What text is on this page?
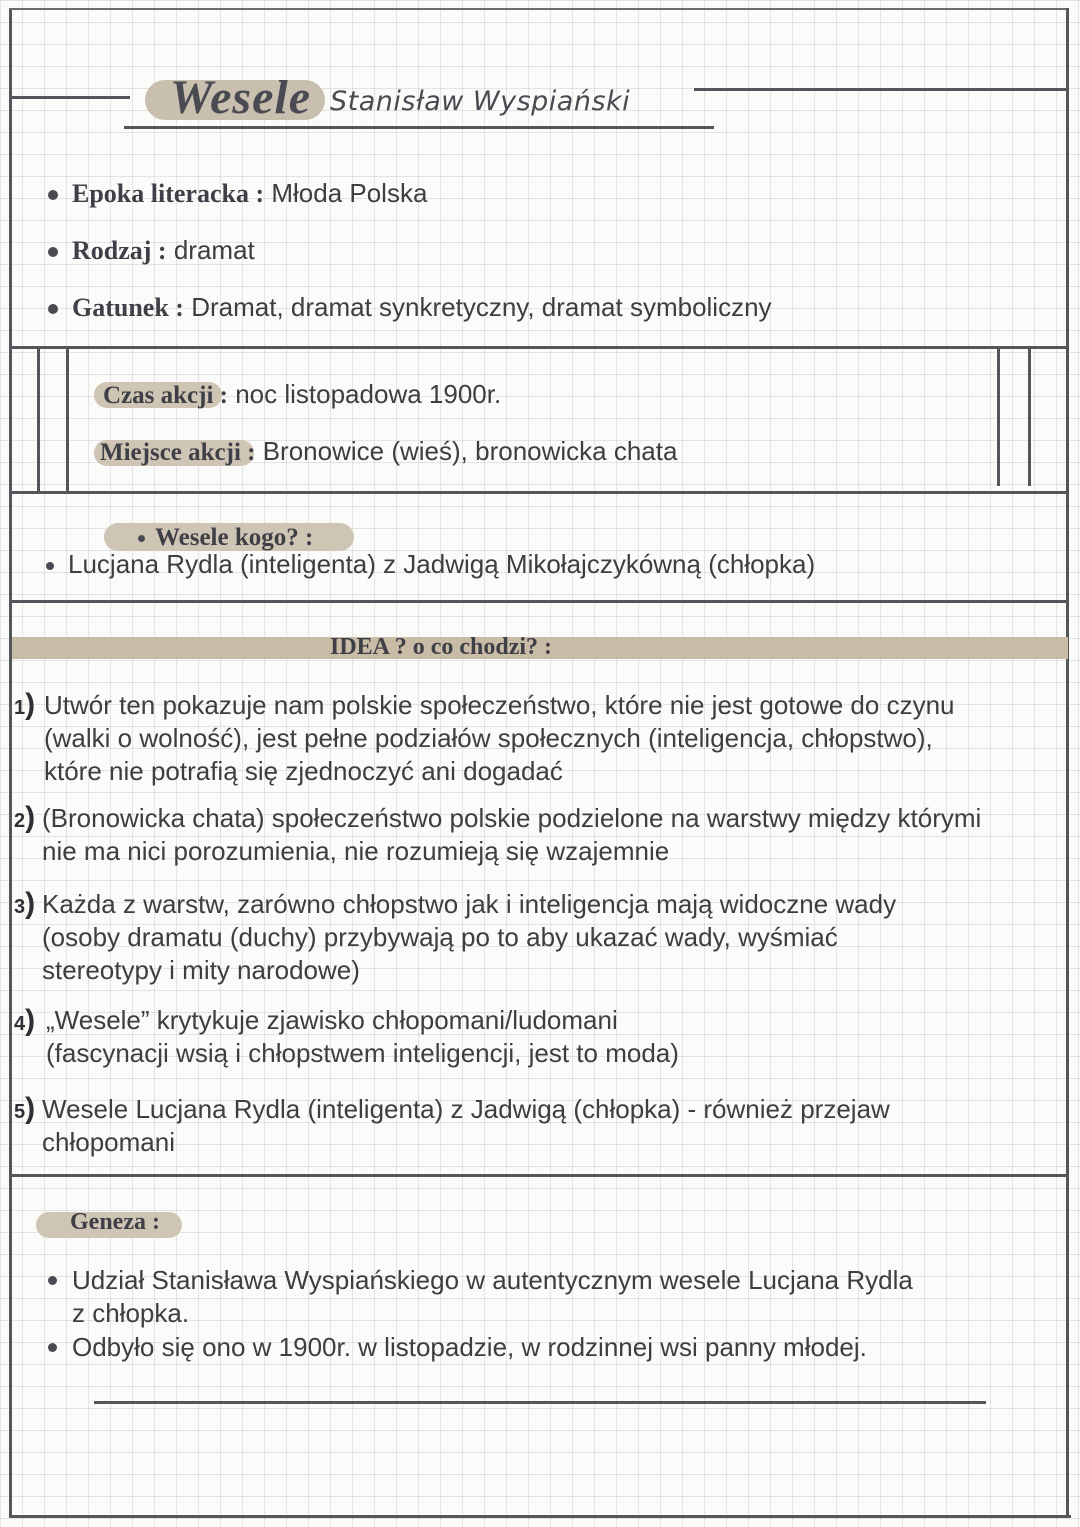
Wesele Stanisław Wyspiański
Epoka literacka : Młoda Polska
Rodzaj : dramat
Gatunek : Dramat, dramat synkretyczny, dramat symboliczny
Czas akcji : noc listopadowa 1900r.
Miejsce akcji : Bronowice (wieś), bronowicka chata
Wesele kogo? :
Lucjana Rydla (inteligenta) z Jadwigą Mikołajczykówną (chłopka)
IDEA ? o co chodzi? :
1) Utwór ten pokazuje nam polskie społeczeństwo, które nie jest gotowe do czynu
(walki o wolność), jest pełne podziałów społecznych (inteligencja, chłopstwo),
które nie potrafią się zjednoczyć ani dogadać
2) (Bronowicka chata) społeczeństwo polskie podzielone na warstwy między którymi
nie ma nici porozumienia, nie rozumieją się wzajemnie
3) Każda z warstw, zarówno chłopstwo jak i inteligencja mają widoczne wady
(osoby dramatu (duchy) przybywają po to aby ukazać wady, wyśmiać
stereotypy i mity narodowe)
4) „Wesele” krytykuje zjawisko chłopomani/ludomani
(fascynacji wsią i chłopstwem inteligencji, jest to moda)
5) Wesele Lucjana Rydla (inteligenta) z Jadwigą (chłopka) - również przejaw
chłopomani
Geneza :
Udział Stanisława Wyspiańskiego w autentycznym wesele Lucjana Rydla
z chłopka.
Odbyło się ono w 1900r. w listopadzie, w rodzinnej wsi panny młodej.
